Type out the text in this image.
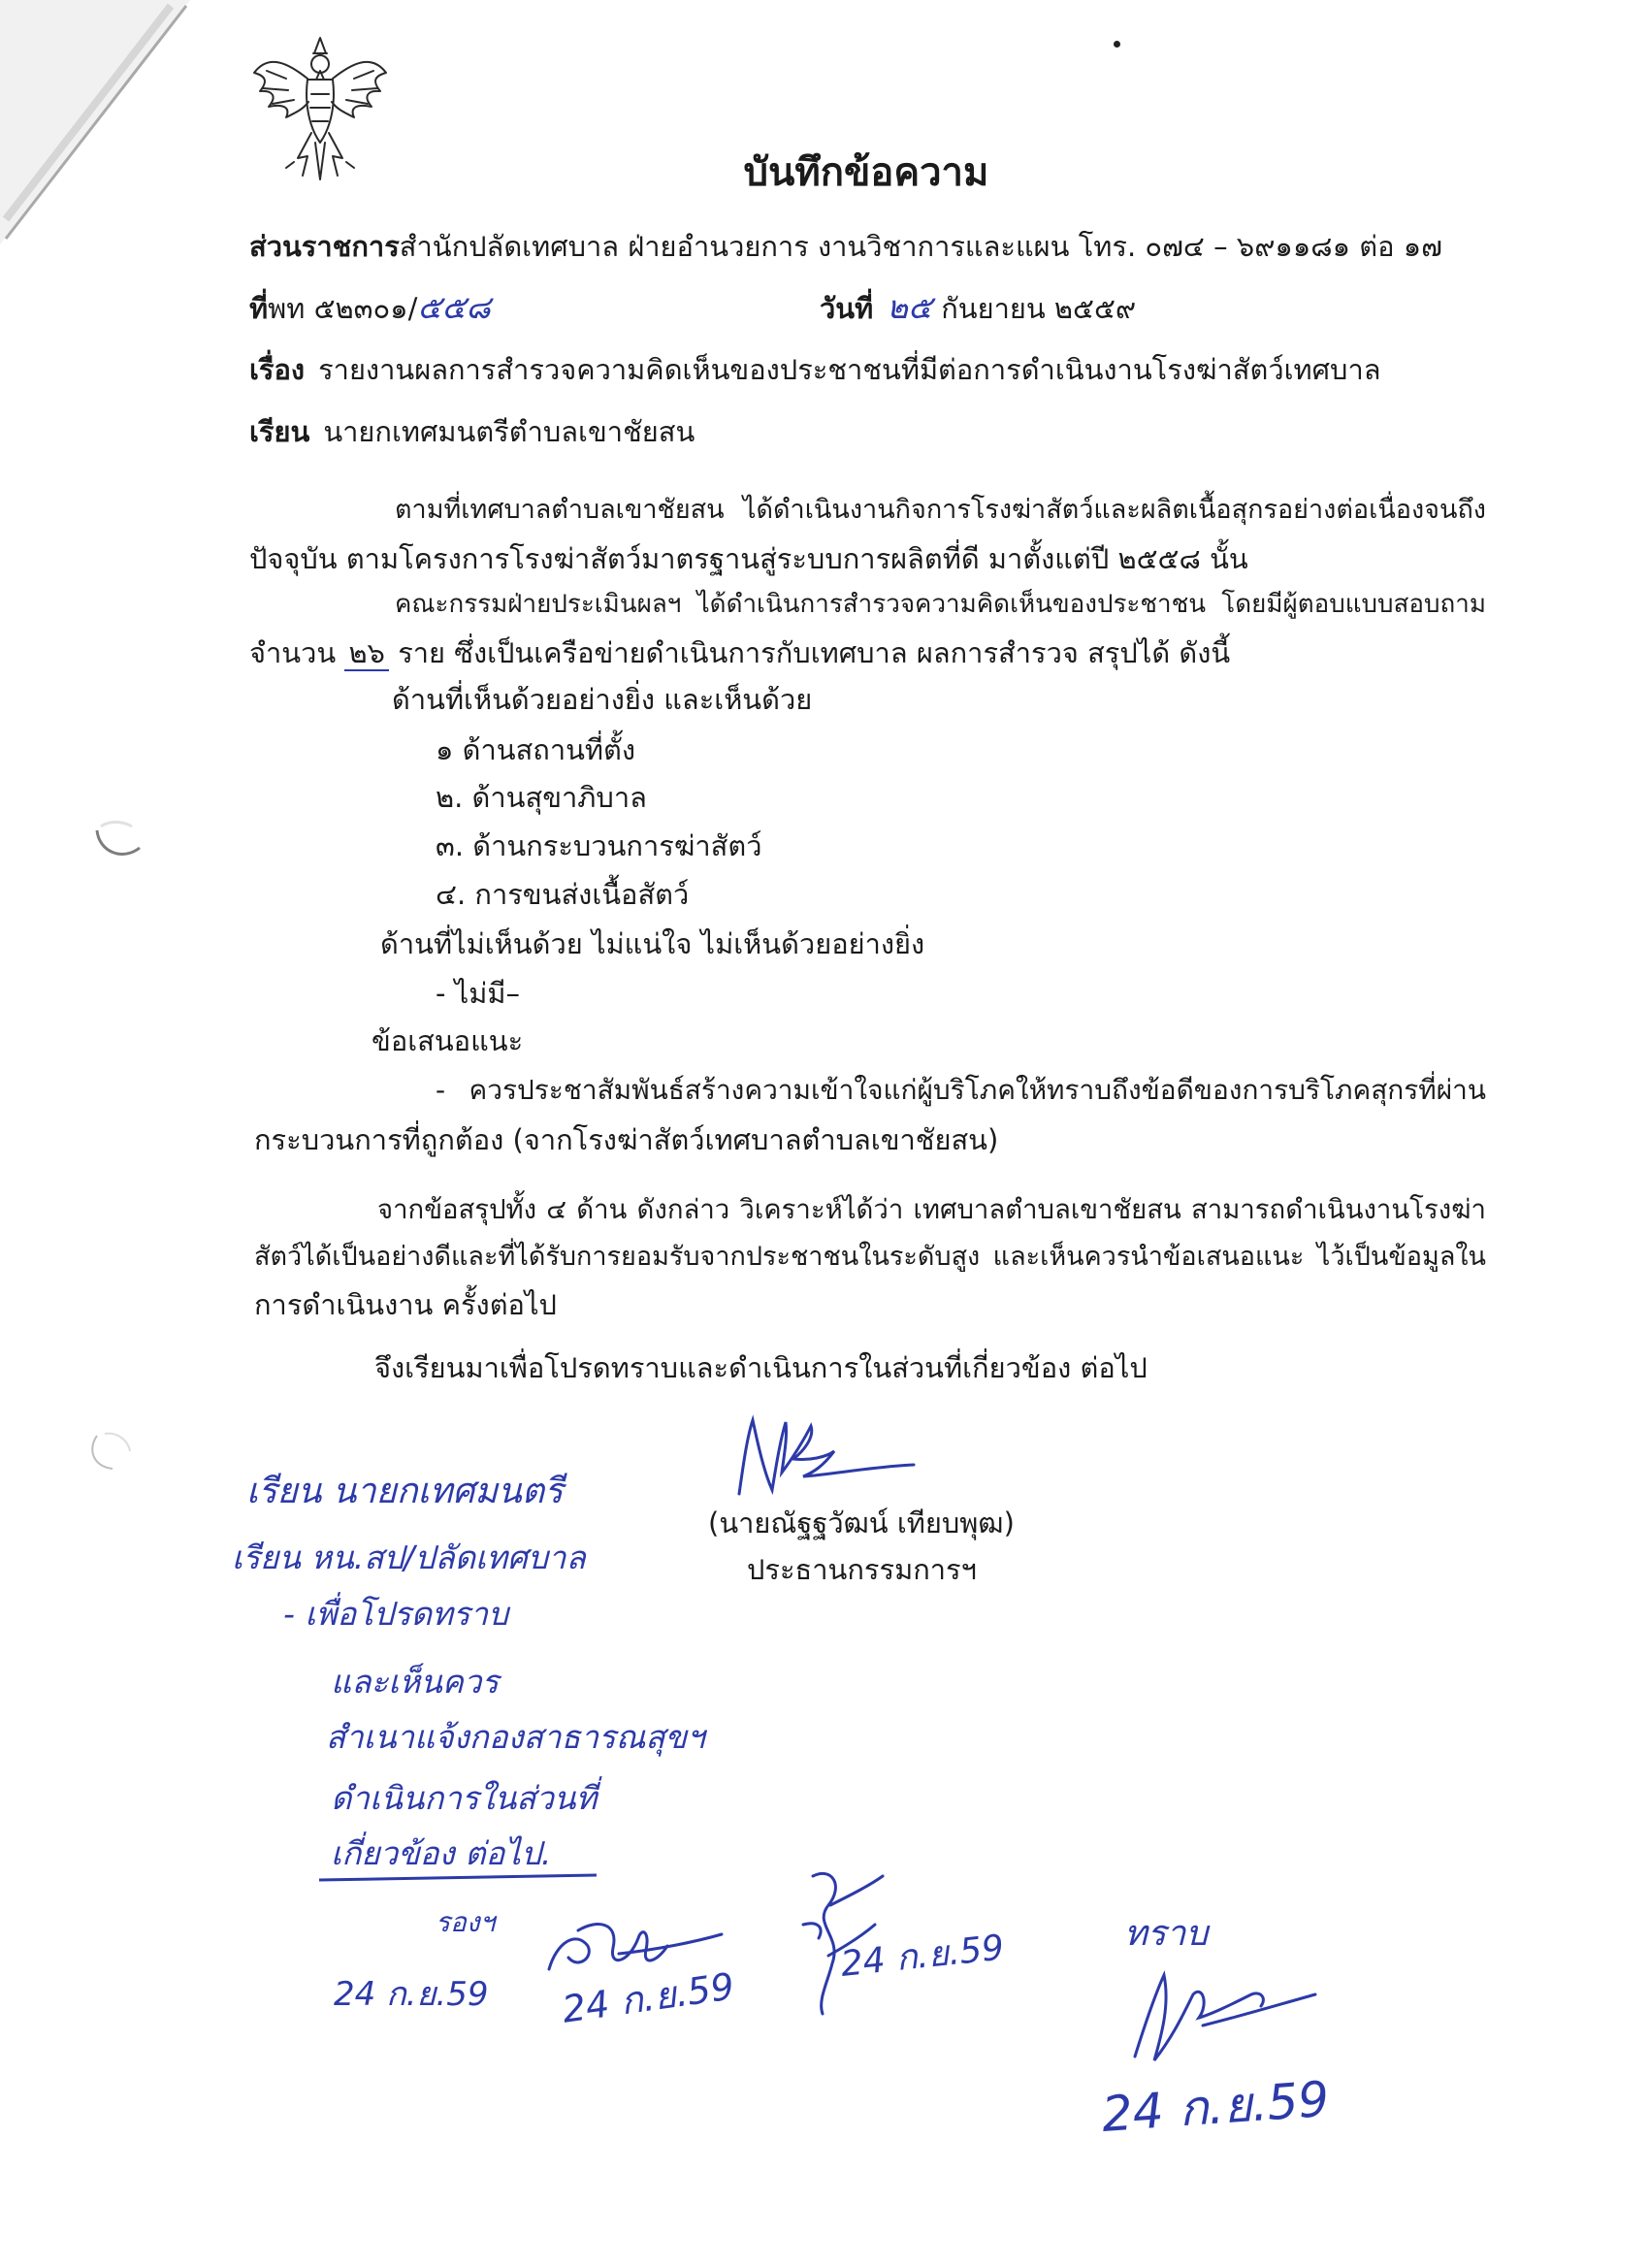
บันทึกข้อความ
ส่วนราชการสำนักปลัดเทศบาล ฝ่ายอำนวยการ งานวิชาการและแผน โทร. ๐๗๔ – ๖๙๑๑๘๑ ต่อ ๑๗
ที่พท ๕๒๓๐๑/๕๕๘	วันที่ ๒๕ กันยายน ๒๕๕๙
เรื่อง รายงานผลการสำรวจความคิดเห็นของประชาชนที่มีต่อการดำเนินงานโรงฆ่าสัตว์เทศบาล
เรียน นายกเทศมนตรีตำบลเขาชัยสน
ตามที่เทศบาลตำบลเขาชัยสน ได้ดำเนินงานกิจการโรงฆ่าสัตว์และผลิตเนื้อสุกรอย่างต่อเนื่องจนถึง
ปัจจุบัน ตามโครงการโรงฆ่าสัตว์มาตรฐานสู่ระบบการผลิตที่ดี มาตั้งแต่ปี ๒๕๕๘ นั้น
คณะกรรมฝ่ายประเมินผลฯ ได้ดำเนินการสำรวจความคิดเห็นของประชาชน โดยมีผู้ตอบแบบสอบถาม
จำนวน ๒๖ ราย ซึ่งเป็นเครือข่ายดำเนินการกับเทศบาล ผลการสำรวจ สรุปได้ ดังนี้
ด้านที่เห็นด้วยอย่างยิ่ง และเห็นด้วย
๑ ด้านสถานที่ตั้ง
๒. ด้านสุขาภิบาล
๓. ด้านกระบวนการฆ่าสัตว์
๔. การขนส่งเนื้อสัตว์
ด้านที่ไม่เห็นด้วย ไม่แน่ใจ ไม่เห็นด้วยอย่างยิ่ง
- ไม่มี–
ข้อเสนอแนะ
- ควรประชาสัมพันธ์สร้างความเข้าใจแก่ผู้บริโภคให้ทราบถึงข้อดีของการบริโภคสุกรที่ผ่าน
กระบวนการที่ถูกต้อง (จากโรงฆ่าสัตว์เทศบาลตำบลเขาชัยสน)
จากข้อสรุปทั้ง ๔ ด้าน ดังกล่าว วิเคราะห์ได้ว่า เทศบาลตำบลเขาชัยสน สามารถดำเนินงานโรงฆ่า
สัตว์ได้เป็นอย่างดีและที่ได้รับการยอมรับจากประชาชนในระดับสูง และเห็นควรนำข้อเสนอแนะ ไว้เป็นข้อมูลใน
การดำเนินงาน ครั้งต่อไป
จึงเรียนมาเพื่อโปรดทราบและดำเนินการในส่วนที่เกี่ยวข้อง ต่อไป
(นายณัฐฐวัฒน์ เทียบพุฒ)
ประธานกรรมการฯ
เรียน นายกเทศมนตรี
เรียน หน.สป/ปลัดเทศบาล
- เพื่อโปรดทราบ
และเห็นควร
สำเนาแจ้งกองสาธารณสุขฯ
ดำเนินการในส่วนที่
เกี่ยวข้อง ต่อไป.
รองฯ
24 ก.ย.59 24 ก.ย.59
24 ก.ย.59	ทราบ
24 ก.ย.59
